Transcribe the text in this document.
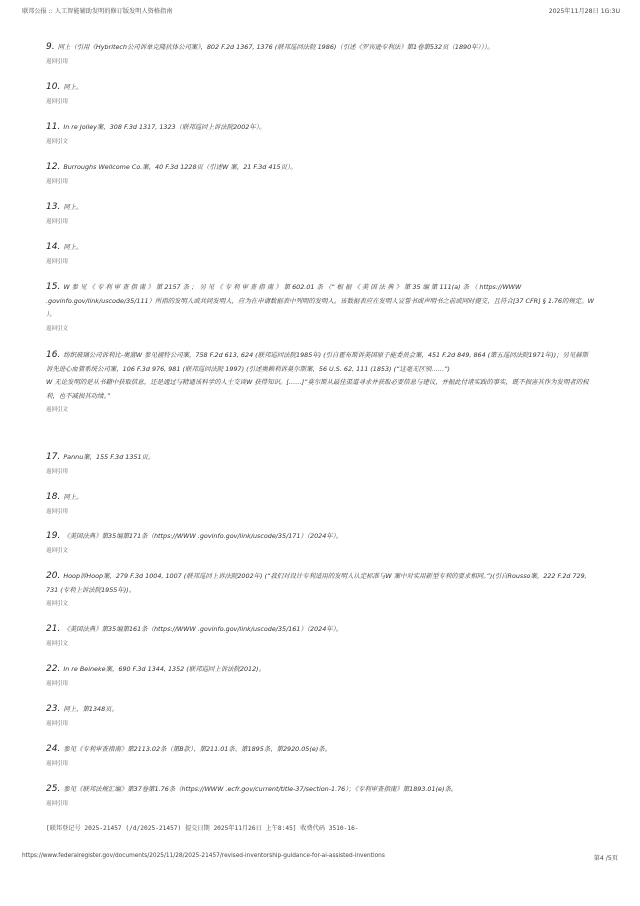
联邦公报 :: 人工智能辅助发明的修订版发明人资格指南	2025年11月28日 1G:3U

9. 同上（引用《Hybritech公司诉单克隆抗体公司案》，802 F.2d 1367, 1376 (联邦巡回法院 1986)（引述《罗宾逊专利法》第1卷第532页（1890年）））。

返回引用

10. 同上。

返回引用

11. In re Jolley案，308 F.3d 1317, 1323（联邦巡回上诉法院2002年）。

返回引文

12. Burroughs Wellcome Co.案，40 F.3d 1228页（引述W 案，21 F.3d 415页）。

返回引用

13. 同上。

返回引用

14. 同上。

返回引用

15. W 参 见 《 专 利 审 查 指 南 》 第 2157 条 ； 另 见 《 专 利 审 查 指 南 》 第 602.01 条 （“ 根 据 《 美 国 法 典 》 第 35 编 第 111(a) 条 （ https://WWW .govinfo.gov/link/uscode/35/111）所指的发明人或共同发明人，应为在申请数据表中列明的发明人。该数据表应在发明人宣誓书或声明书之前或同时提交，且符合[37 CFR] § 1.76的规定。W ）。

返回引文

16. 纺织玻璃公司诉利比-奥富W 参见福特公司案，758 F.2d 613, 624 (联邦巡回法院1985年) (引自霍布斯诉美国原子能委员会案，451 F.2d 849, 864 (第五巡回法院1971年))；另见赫斯诉先进心血管系统公司案，106 F.3d 976, 981 (联邦巡回法院 1997) (引述奥赖利诉莫尔斯案，56 U.S. 62, 111 (1853) (“这毫无区别……”)

W 无论发明的是从书籍中获取信息，还是通过与精通该科学的人士交谈W 获得知识。[……]”莫尔斯从最佳渠道寻求并获取必要信息与建议，并据此付诸实践的事实，既不损害其作为发明者的权利，也不减损其功绩。”

返回引文

17. Pannu案，155 F.3d 1351页。

返回引用

18. 同上。

返回引用

19. 《美国法典》第35编第171条（https://WWW .govinfo.gov/link/uscode/35/171）（2024年）。

返回引文

20. Hoop诉Hoop案，279 F.3d 1004, 1007 (联邦巡回上诉法院2002年) (“我们对设计专利适用的发明人认定标准与W 案中对实用新型专利的要求相同。”)(引自Rousso案，222 F.2d 729, 731 (专利上诉法院1955年))。

返回引文

21. 《美国法典》第35编第161条（https://WWW .govinfo.gov/link/uscode/35/161）（2024年）。

返回引文

22. In re Beineke案，690 F.3d 1344, 1352 (联邦巡回上诉法院2012)。

返回引用

23. 同上，第1348页。

返回引用

24. 参见《专利审查指南》第2113.02条（第B款）、第211.01条、第1895条、第2920.05(e)条。

返回引用

25. 参见《联邦法规汇编》第37卷第1.76条（https://WWW .ecfr.gov/current/title-37/section-1.76）；《专利审查指南》第1893.01(e)条。

返回引用
[联邦登记号 2025-21457 (/d/2025-21457) 提交日期 2025年11月26日 上午8:45] 收费代码 3510-16-
https://www.federalregister.gov/documents/2025/11/28/2025-21457/revised-inventorship-guidance-for-ai-assisted-inventions	第4 /5页
